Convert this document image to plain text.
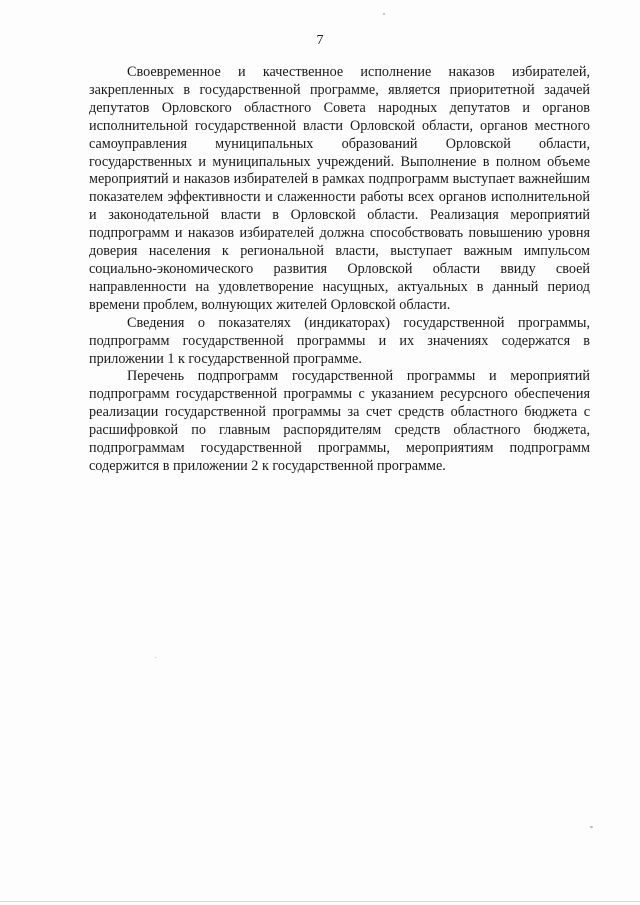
7

Своевременное и качественное исполнение наказов избирателей, закрепленных в государственной программе, является приоритетной задачей депутатов Орловского областного Совета народных депутатов и органов исполнительной государственной власти Орловской области, органов местного самоуправления муниципальных образований Орловской области, государственных и муниципальных учреждений. Выполнение в полном объеме мероприятий и наказов избирателей в рамках подпрограмм выступает важнейшим показателем эффективности и слаженности работы всех органов исполнительной и законодательной власти в Орловской области. Реализация мероприятий подпрограмм и наказов избирателей должна способствовать повышению уровня доверия населения к региональной власти, выступает важным импульсом социально-экономического развития Орловской области ввиду своей направленности на удовлетворение насущных, актуальных в данный период времени проблем, волнующих жителей Орловской области.

Сведения о показателях (индикаторах) государственной программы, подпрограмм государственной программы и их значениях содержатся в приложении 1 к государственной программе.

Перечень подпрограмм государственной программы и мероприятий подпрограмм государственной программы с указанием ресурсного обеспечения реализации государственной программы за счет средств областного бюджета с расшифровкой по главным распорядителям средств областного бюджета, подпрограммам государственной программы, мероприятиям подпрограмм содержится в приложении 2 к государственной программе.
